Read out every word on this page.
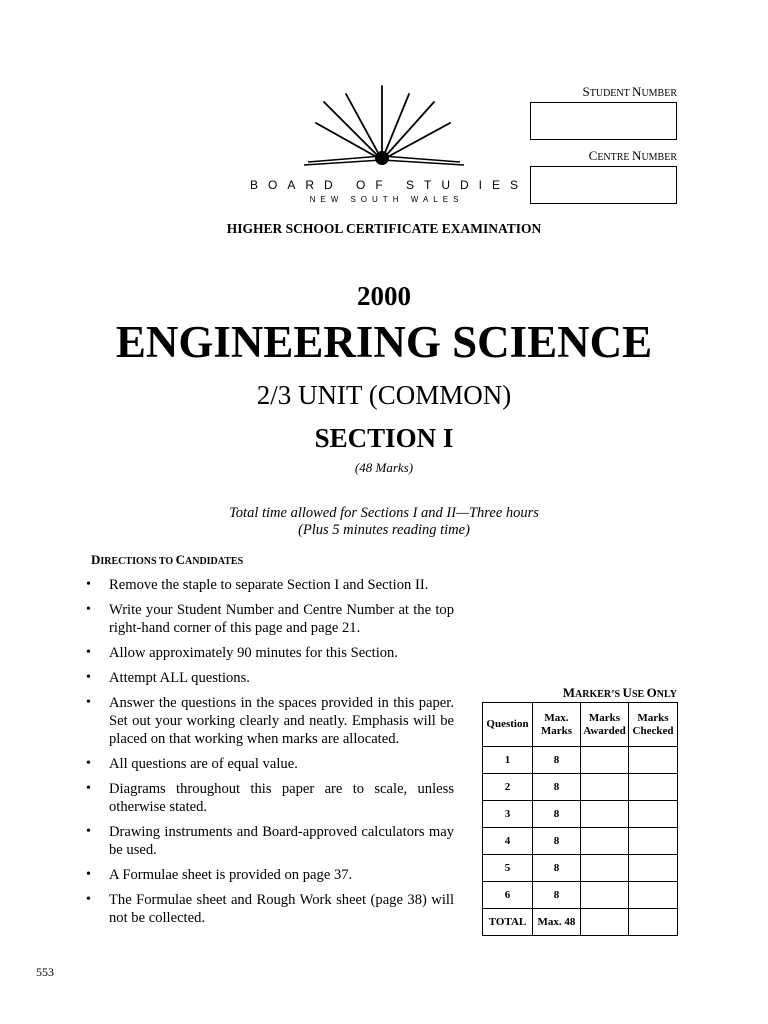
STUDENT NUMBER
CENTRE NUMBER
BOARD OF STUDIES
NEW SOUTH WALES
HIGHER SCHOOL CERTIFICATE EXAMINATION
2000
ENGINEERING SCIENCE
2/3 UNIT (COMMON)
SECTION I
(48 Marks)
Total time allowed for Sections I and II—Three hours
(Plus 5 minutes reading time)
DIRECTIONS TO CANDIDATES
• Remove the staple to separate Section I and Section II.
• Write your Student Number and Centre Number at the top right-hand corner of this page and page 21.
• Allow approximately 90 minutes for this Section.
• Attempt ALL questions.
• Answer the questions in the spaces provided in this paper. Set out your working clearly and neatly. Emphasis will be placed on that working when marks are allocated.
• All questions are of equal value.
• Diagrams throughout this paper are to scale, unless otherwise stated.
• Drawing instruments and Board-approved calculators may be used.
• A Formulae sheet is provided on page 37.
• The Formulae sheet and Rough Work sheet (page 38) will not be collected.
MARKER’S USE ONLY
Question	Max. Marks	Marks Awarded	Marks Checked
1	8		
2	8		
3	8		
4	8		
5	8		
6	8		
TOTAL	Max. 48		
553
